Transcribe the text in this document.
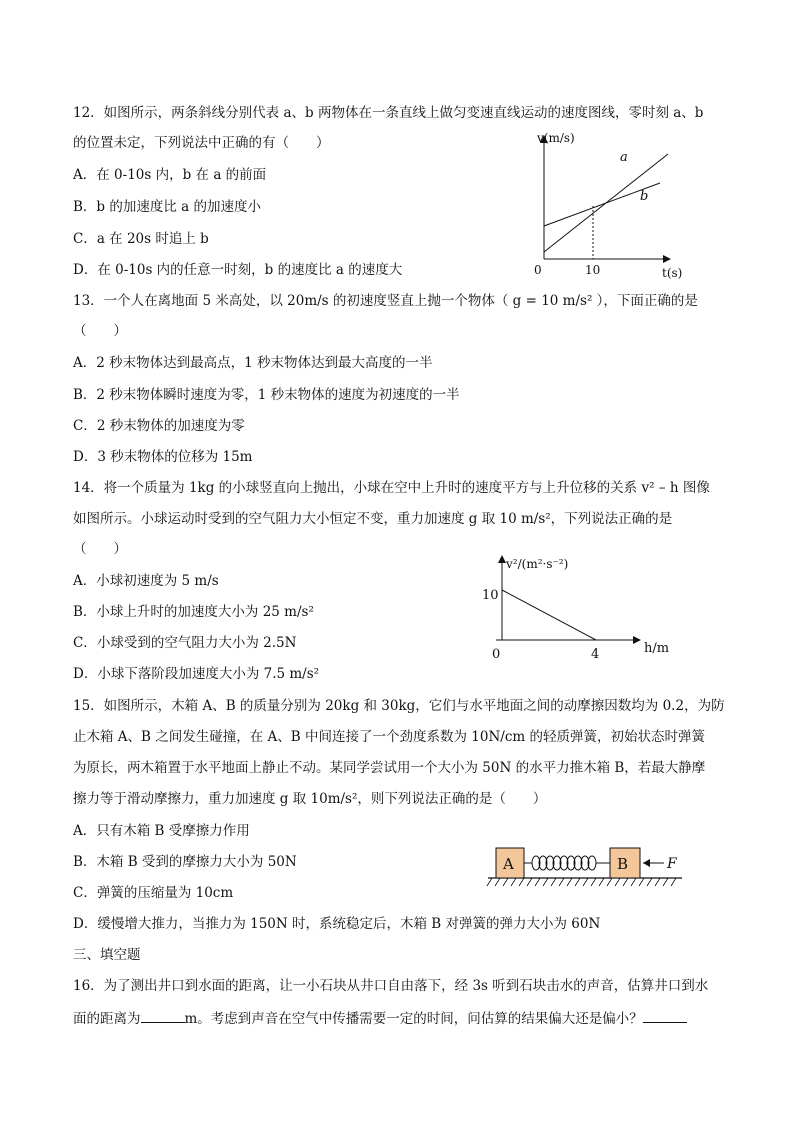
12．如图所示，两条斜线分别代表 a、b 两物体在一条直线上做匀变速直线运动的速度图线，零时刻 a、b
的位置未定，下列说法中正确的有（　　）
A．在 0-10s 内，b 在 a 的前面
B．b 的加速度比 a 的加速度小
C．a 在 20s 时追上 b
D．在 0-10s 内的任意一时刻，b 的速度比 a 的速度大
v(m/s)
t(s)
0	10
a
b
13．一个人在离地面 5 米高处，以 20m/s 的初速度竖直上抛一个物体（ g = 10 m/s² ），下面正确的是
（　　）
A．2 秒末物体达到最高点，1 秒末物体达到最大高度的一半
B．2 秒末物体瞬时速度为零，1 秒末物体的速度为初速度的一半
C．2 秒末物体的加速度为零
D．3 秒末物体的位移为 15m
14．将一个质量为 1kg 的小球竖直向上抛出，小球在空中上升时的速度平方与上升位移的关系 v² – h 图像
如图所示。小球运动时受到的空气阻力大小恒定不变，重力加速度 g 取 10 m/s²，下列说法正确的是
（　　）
A．小球初速度为 5 m/s
B．小球上升时的加速度大小为 25 m/s²
C．小球受到的空气阻力大小为 2.5N
D．小球下落阶段加速度大小为 7.5 m/s²
v²/(m²·s⁻²)
h/m
0
10
4
15．如图所示，木箱 A、B 的质量分别为 20kg 和 30kg，它们与水平地面之间的动摩擦因数均为 0.2，为防
止木箱 A、B 之间发生碰撞，在 A、B 中间连接了一个劲度系数为 10N/cm 的轻质弹簧，初始状态时弹簧
为原长，两木箱置于水平地面上静止不动。某同学尝试用一个大小为 50N 的水平力推木箱 B，若最大静摩
擦力等于滑动摩擦力，重力加速度 g 取 10m/s²，则下列说法正确的是（　　）
A．只有木箱 B 受摩擦力作用
B．木箱 B 受到的摩擦力大小为 50N
C．弹簧的压缩量为 10cm
D．缓慢增大推力，当推力为 150N 时，系统稳定后，木箱 B 对弹簧的弹力大小为 60N
A	B	F
三、填空题
16．为了测出井口到水面的距离，让一小石块从井口自由落下，经 3s 听到石块击水的声音，估算井口到水
面的距离为	m。考虑到声音在空气中传播需要一定的时间，问估算的结果偏大还是偏小？
